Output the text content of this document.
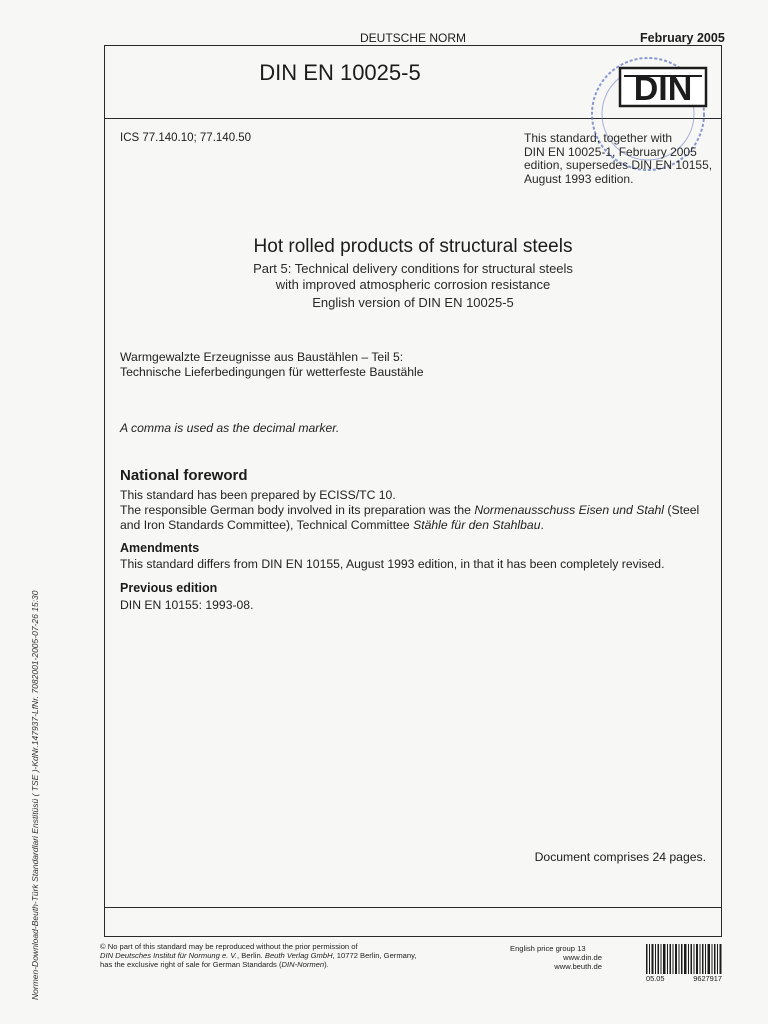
DEUTSCHE NORM	February 2005
DIN EN 10025-5	DIN
ICS 77.140.10; 77.140.50	This standard, together with
DIN EN 10025-1, February 2005
edition, supersedes DIN EN 10155,
August 1993 edition.
Hot rolled products of structural steels
Part 5: Technical delivery conditions for structural steels
with improved atmospheric corrosion resistance
English version of DIN EN 10025-5
Warmgewalzte Erzeugnisse aus Baustählen – Teil 5:
Technische Lieferbedingungen für wetterfeste Baustähle
A comma is used as the decimal marker.
National foreword
This standard has been prepared by ECISS/TC 10.
The responsible German body involved in its preparation was the Normenausschuss Eisen und Stahl (Steel and Iron Standards Committee), Technical Committee Stähle für den Stahlbau.
Amendments
This standard differs from DIN EN 10155, August 1993 edition, in that it has been completely revised.
Previous edition
DIN EN 10155: 1993-08.
Document comprises 24 pages.
Normen-Download-Beuth-Türk Standardlari Enstitüsü ( TSE )-KdNr.147937-LfNr. 7082001-2005-07-26 15:30	© No part of this standard may be reproduced without the prior permission of
DIN Deutsches Institut für Normung e. V., Berlin. Beuth Verlag GmbH, 10772 Berlin, Germany,
has the exclusive right of sale for German Standards (DIN-Normen).
English price group 13
www.din.de
www.beuth.de
05.05	9627917
